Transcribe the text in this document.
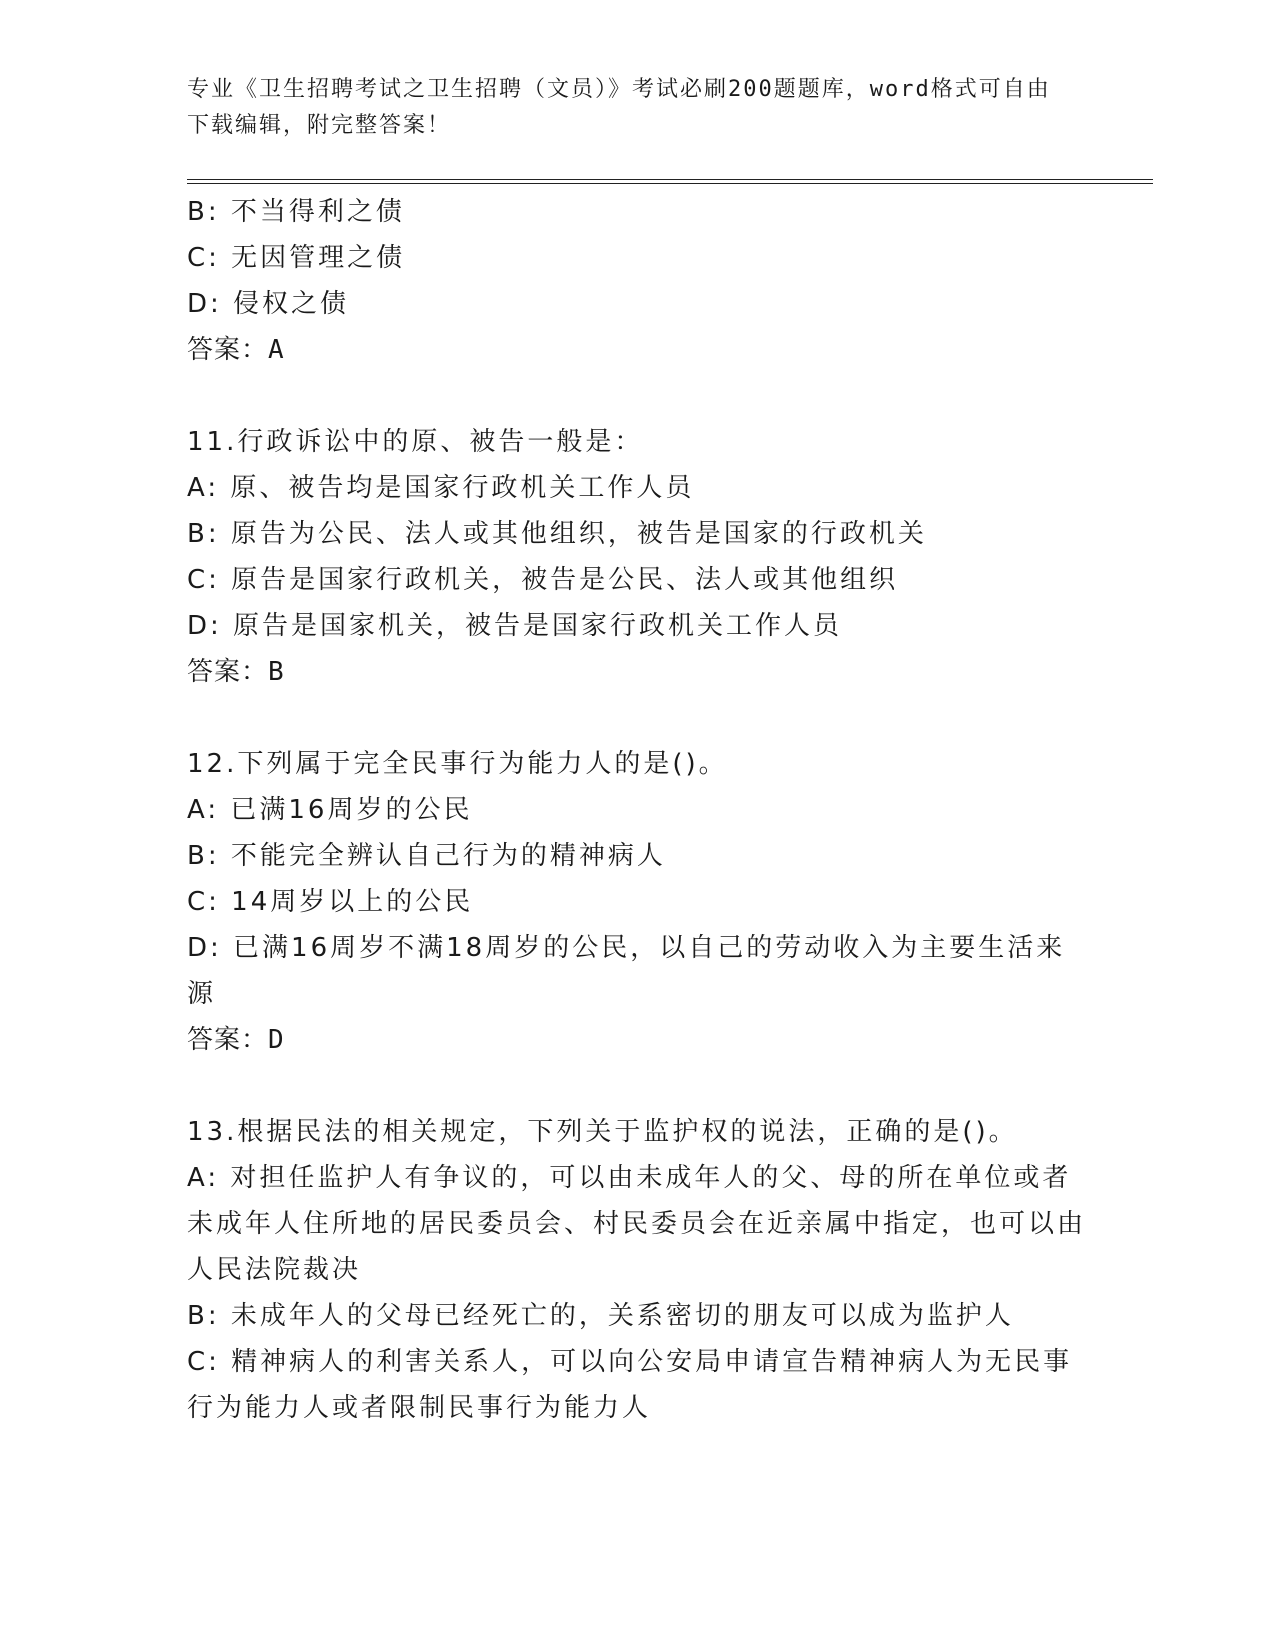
专业《卫生招聘考试之卫生招聘（文员）》考试必刷200题题库，word格式可自由下载编辑，附完整答案！
B: 不当得利之债
C: 无因管理之债
D: 侵权之债
答案：A
11.行政诉讼中的原、被告一般是：
A: 原、被告均是国家行政机关工作人员
B: 原告为公民、法人或其他组织，被告是国家的行政机关
C: 原告是国家行政机关，被告是公民、法人或其他组织
D: 原告是国家机关，被告是国家行政机关工作人员
答案：B
12.下列属于完全民事行为能力人的是()。
A: 已满16周岁的公民
B: 不能完全辨认自己行为的精神病人
C: 14周岁以上的公民
D: 已满16周岁不满18周岁的公民，以自己的劳动收入为主要生活来源
答案：D
13.根据民法的相关规定，下列关于监护权的说法，正确的是()。
A: 对担任监护人有争议的，可以由未成年人的父、母的所在单位或者未成年人住所地的居民委员会、村民委员会在近亲属中指定，也可以由人民法院裁决
B: 未成年人的父母已经死亡的，关系密切的朋友可以成为监护人
C: 精神病人的利害关系人，可以向公安局申请宣告精神病人为无民事行为能力人或者限制民事行为能力人
